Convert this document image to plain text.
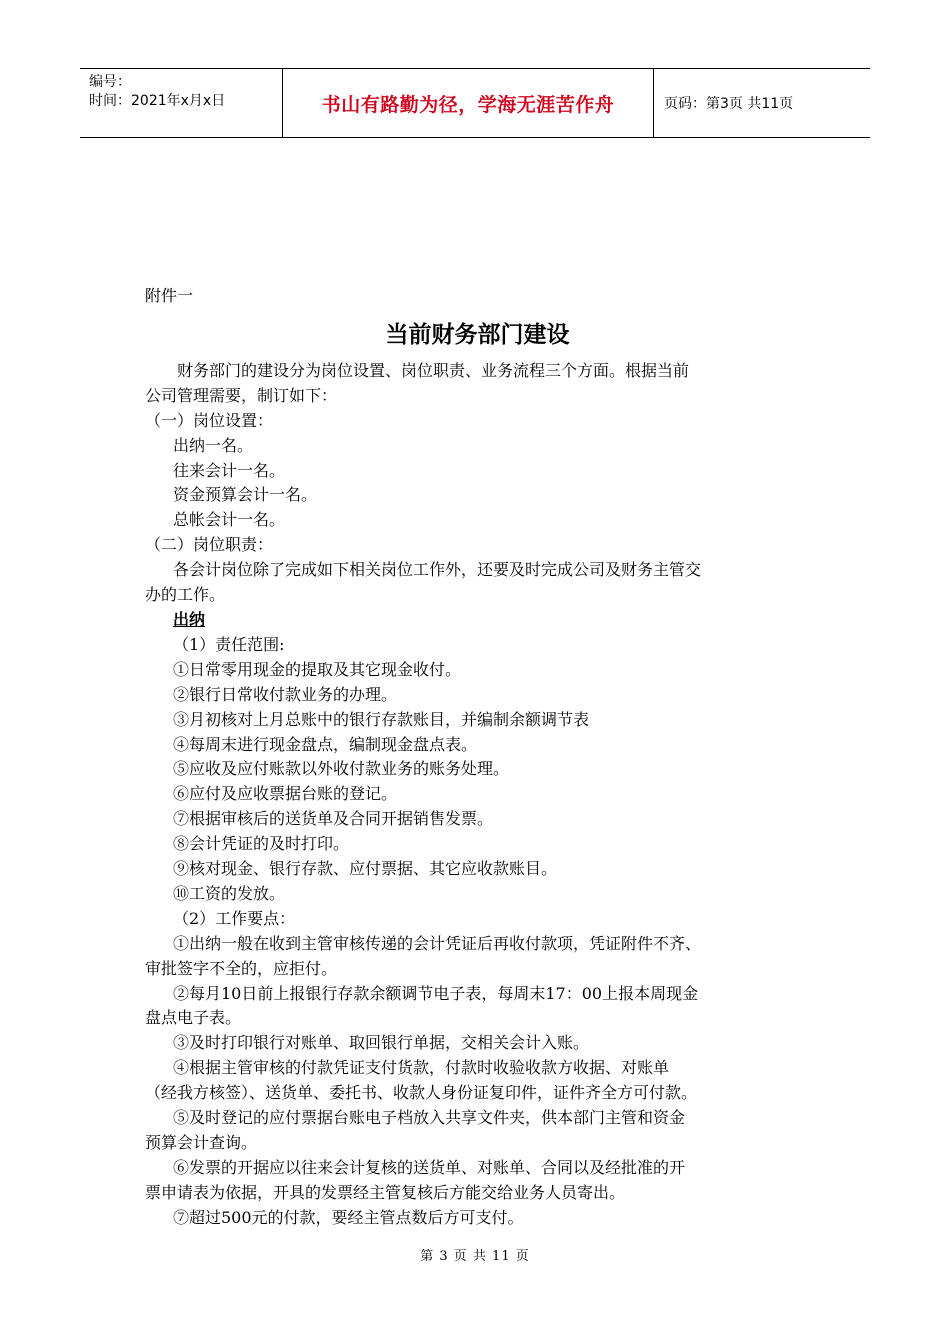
编号：
时间：2021年x月x日	书山有路勤为径，学海无涯苦作舟	页码：第3页 共11页

附件一

当前财务部门建设

财务部门的建设分为岗位设置、岗位职责、业务流程三个方面。根据当前

公司管理需要，制订如下：

（一）岗位设置：

出纳一名。

往来会计一名。

资金预算会计一名。

总帐会计一名。

（二）岗位职责：

各会计岗位除了完成如下相关岗位工作外，还要及时完成公司及财务主管交

办的工作。

出纳

（1）责任范围:

①日常零用现金的提取及其它现金收付。

②银行日常收付款业务的办理。

③月初核对上月总账中的银行存款账目，并编制余额调节表

④每周末进行现金盘点，编制现金盘点表。

⑤应收及应付账款以外收付款业务的账务处理。

⑥应付及应收票据台账的登记。

⑦根据审核后的送货单及合同开据销售发票。

⑧会计凭证的及时打印。

⑨核对现金、银行存款、应付票据、其它应收款账目。

⑩工资的发放。

（2）工作要点：

①出纳一般在收到主管审核传递的会计凭证后再收付款项，凭证附件不齐、

审批签字不全的，应拒付。

②每月10日前上报银行存款余额调节电子表，每周末17：00上报本周现金

盘点电子表。

③及时打印银行对账单、取回银行单据，交相关会计入账。

④根据主管审核的付款凭证支付货款，付款时收验收款方收据、对账单

（经我方核签）、送货单、委托书、收款人身份证复印件，证件齐全方可付款。

⑤及时登记的应付票据台账电子档放入共享文件夹，供本部门主管和资金

预算会计查询。

⑥发票的开据应以往来会计复核的送货单、对账单、合同以及经批准的开

票申请表为依据，开具的发票经主管复核后方能交给业务人员寄出。

⑦超过500元的付款，要经主管点数后方可支付。

第 3 页 共 11 页
